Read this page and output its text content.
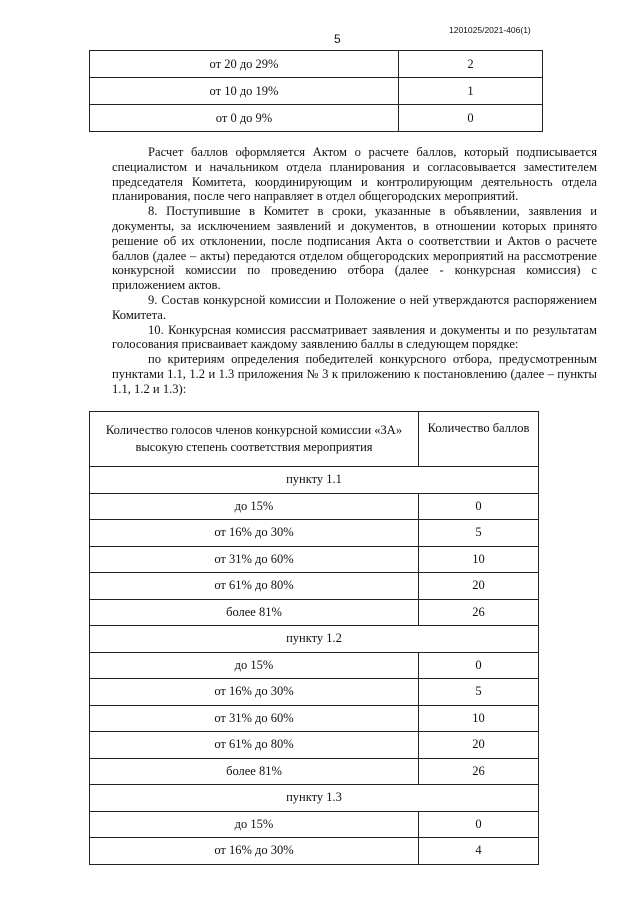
5
1201025/2021-406(1)
от 20 до 29%	2
от 10 до 19%	1
от 0 до 9%	0

Расчет баллов оформляется Актом о расчете баллов, который подписывается специалистом и начальником отдела планирования и согласовывается заместителем председателя Комитета, координирующим и контролирующим деятельность отдела планирования, после чего направляет в отдел общегородских мероприятий.

8. Поступившие в Комитет в сроки, указанные в объявлении, заявления и документы, за исключением заявлений и документов, в отношении которых принято решение об их отклонении, после подписания Акта о соответствии и Актов о расчете баллов (далее – акты) передаются отделом общегородских мероприятий на рассмотрение конкурсной комиссии по проведению отбора (далее - конкурсная комиссия) с приложением актов.

9. Состав конкурсной комиссии и Положение о ней утверждаются распоряжением Комитета.

10. Конкурсная комиссия рассматривает заявления и документы и по результатам голосования присваивает каждому заявлению баллы в следующем порядке:

по критериям определения победителей конкурсного отбора, предусмотренным пунктами 1.1, 1.2 и 1.3 приложения № 3 к приложению к постановлению (далее – пункты 1.1, 1.2 и 1.3):

Количество голосов членов конкурсной комиссии «ЗА» высокую степень соответствия мероприятия	Количество баллов
пункту 1.1	
до 15%	0
от 16% до 30%	5
от 31% до 60%	10
от 61% до 80%	20
более 81%	26
пункту 1.2	
до 15%	0
от 16% до 30%	5
от 31% до 60%	10
от 61% до 80%	20
более 81%	26
пункту 1.3	
до 15%	0
от 16% до 30%	4
